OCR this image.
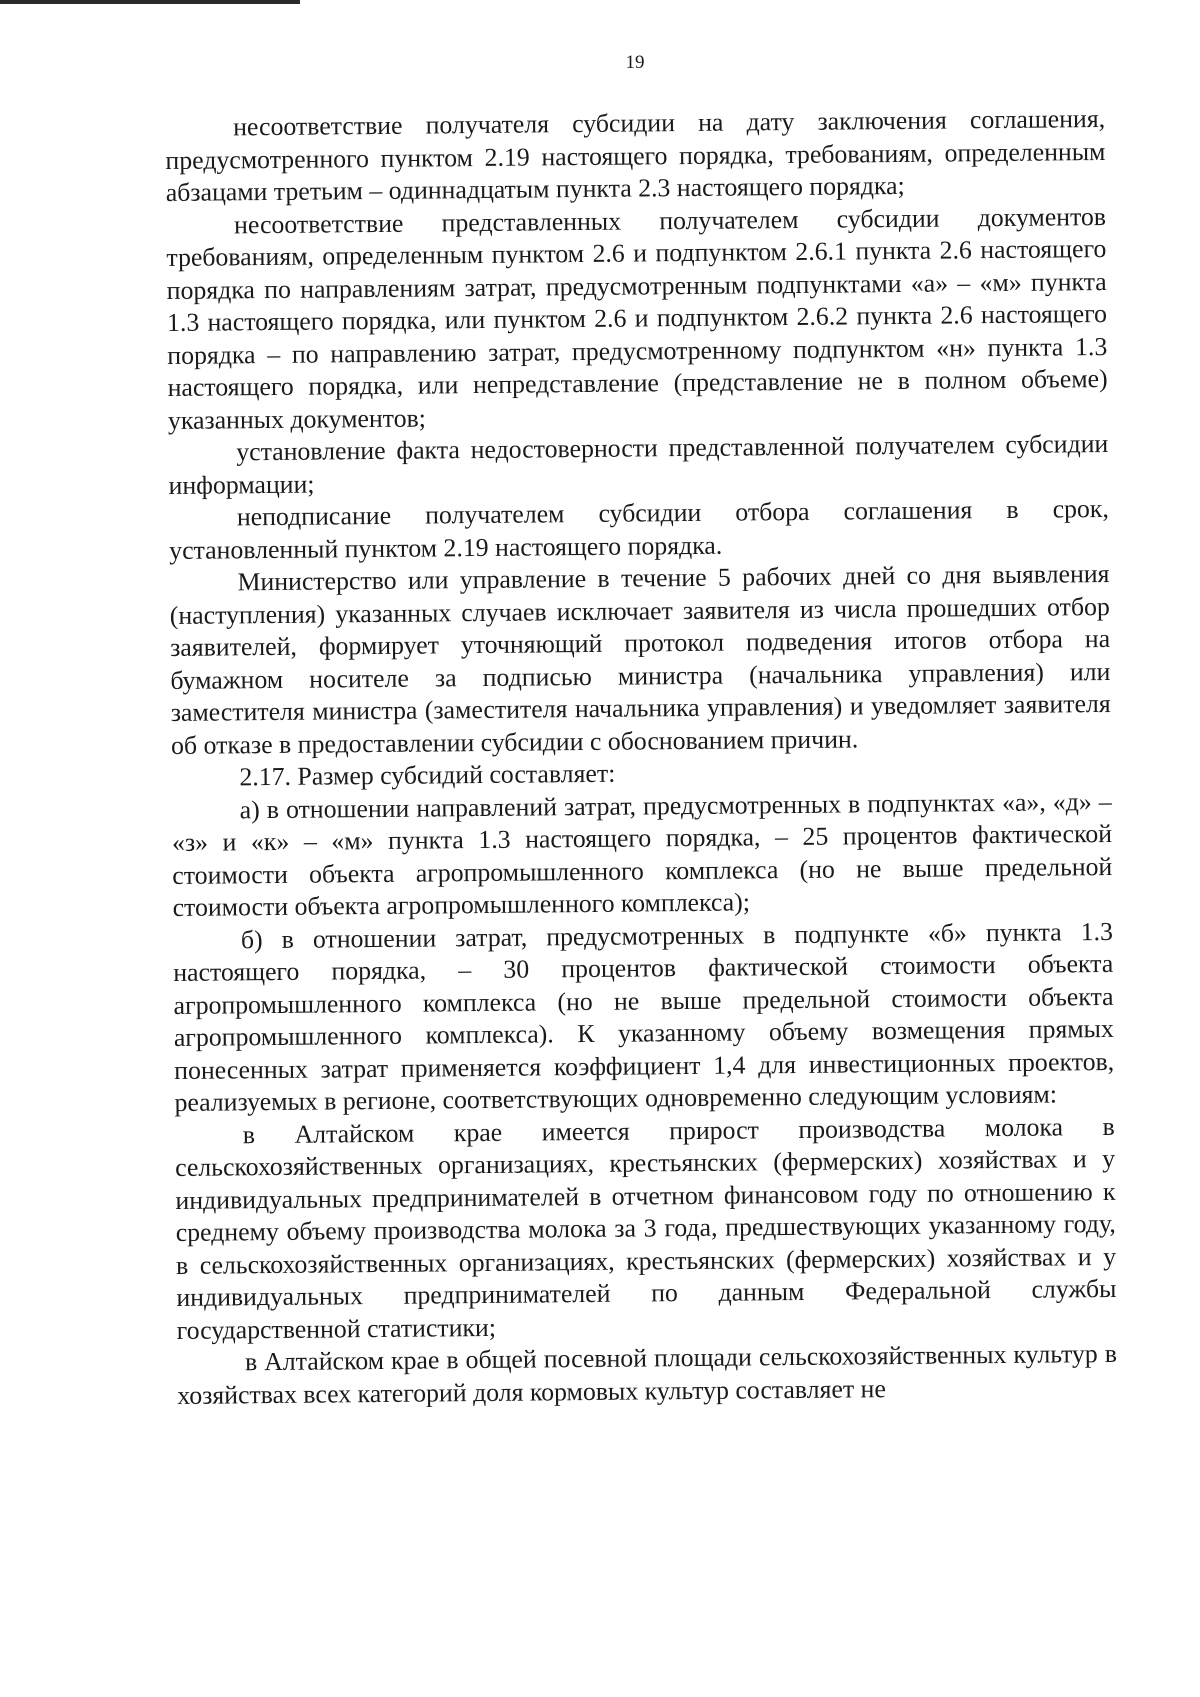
19

несоответствие получателя субсидии на дату заключения соглашения, предусмотренного пунктом 2.19 настоящего порядка, требованиям, определенным абзацами третьим – одиннадцатым пункта 2.3 настоящего порядка;

несоответствие представленных получателем субсидии документов требованиям, определенным пунктом 2.6 и подпунктом 2.6.1 пункта 2.6 настоящего порядка по направлениям затрат, предусмотренным подпунктами «а» – «м» пункта 1.3 настоящего порядка, или пунктом 2.6 и подпунктом 2.6.2 пункта 2.6 настоящего порядка – по направлению затрат, предусмотренному подпунктом «н» пункта 1.3 настоящего порядка, или непредставление (представление не в полном объеме) указанных документов;

установление факта недостоверности представленной получателем субсидии информации;

неподписание получателем субсидии отбора соглашения в срок, установленный пунктом 2.19 настоящего порядка.

Министерство или управление в течение 5 рабочих дней со дня выявления (наступления) указанных случаев исключает заявителя из числа прошедших отбор заявителей, формирует уточняющий протокол подведения итогов отбора на бумажном носителе за подписью министра (начальника управления) или заместителя министра (заместителя начальника управления) и уведомляет заявителя об отказе в предоставлении субсидии с обоснованием причин.

2.17. Размер субсидий составляет:

а) в отношении направлений затрат, предусмотренных в подпунктах «а», «д» – «з» и «к» – «м» пункта 1.3 настоящего порядка, – 25 процентов фактической стоимости объекта агропромышленного комплекса (но не выше предельной стоимости объекта агропромышленного комплекса);

б) в отношении затрат, предусмотренных в подпункте «б» пункта 1.3 настоящего порядка, – 30 процентов фактической стоимости объекта агропромышленного комплекса (но не выше предельной стоимости объекта агропромышленного комплекса). К указанному объему возмещения прямых понесенных затрат применяется коэффициент 1,4 для инвестиционных проектов, реализуемых в регионе, соответствующих одновременно следующим условиям:

в Алтайском крае имеется прирост производства молока в сельскохозяйственных организациях, крестьянских (фермерских) хозяйствах и у индивидуальных предпринимателей в отчетном финансовом году по отношению к среднему объему производства молока за 3 года, предшествующих указанному году, в сельскохозяйственных организациях, крестьянских (фермерских) хозяйствах и у индивидуальных предпринимателей по данным Федеральной службы государственной статистики;

в Алтайском крае в общей посевной площади сельскохозяйственных культур в хозяйствах всех категорий доля кормовых культур составляет не
